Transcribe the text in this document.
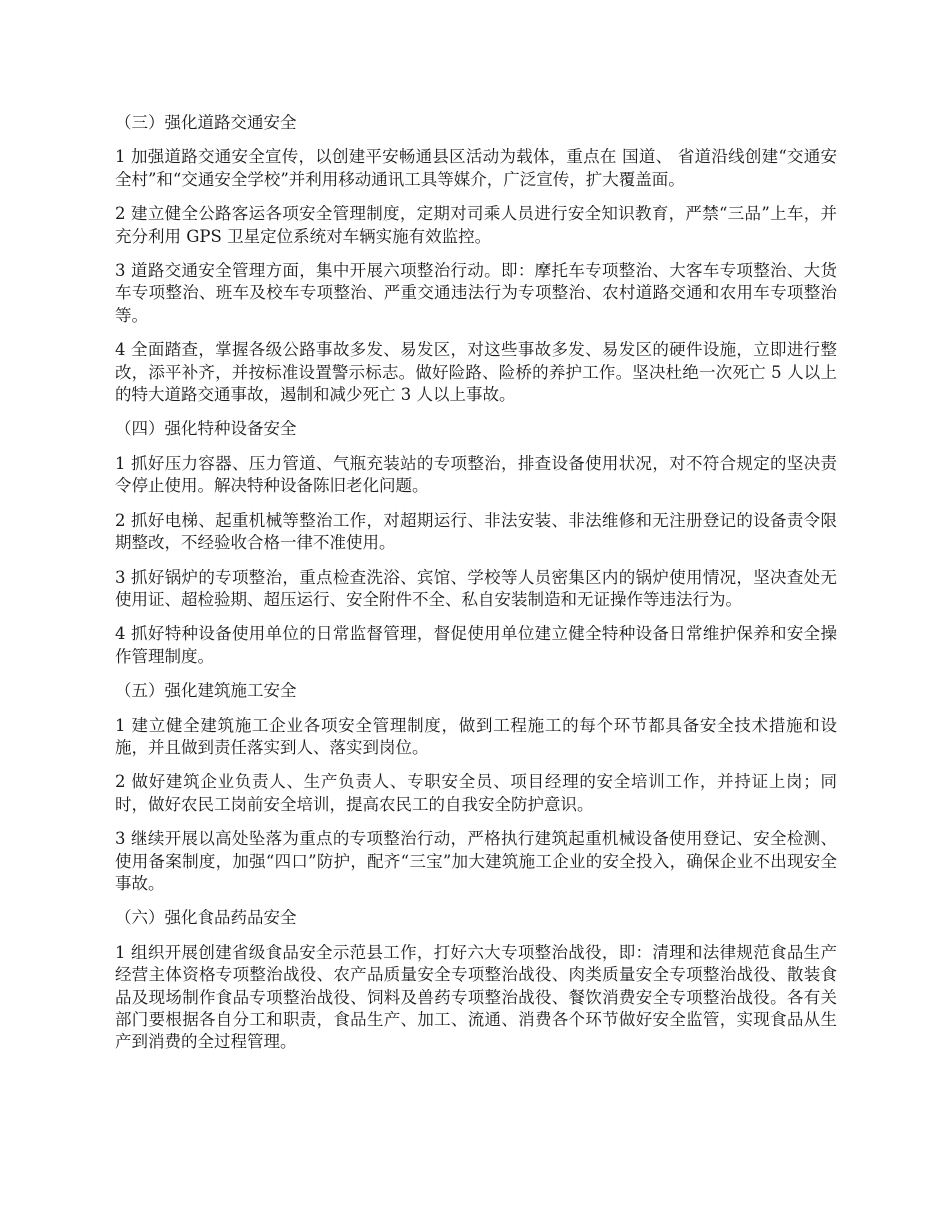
（三）强化道路交通安全

1 加强道路交通安全宣传，以创建平安畅通县区活动为载体，重点在 国道、 省道沿线创建“交通安全村”和“交通安全学校”并利用移动通讯工具等媒介，广泛宣传，扩大覆盖面。

2 建立健全公路客运各项安全管理制度，定期对司乘人员进行安全知识教育，严禁“三品”上车，并充分利用 GPS 卫星定位系统对车辆实施有效监控。

3 道路交通安全管理方面，集中开展六项整治行动。即：摩托车专项整治、大客车专项整治、大货车专项整治、班车及校车专项整治、严重交通违法行为专项整治、农村道路交通和农用车专项整治等。

4 全面踏查，掌握各级公路事故多发、易发区，对这些事故多发、易发区的硬件设施，立即进行整改，添平补齐，并按标准设置警示标志。做好险路、险桥的养护工作。坚决杜绝一次死亡 5 人以上的特大道路交通事故，遏制和减少死亡 3 人以上事故。

（四）强化特种设备安全

1 抓好压力容器、压力管道、气瓶充装站的专项整治，排查设备使用状况，对不符合规定的坚决责令停止使用。解决特种设备陈旧老化问题。

2 抓好电梯、起重机械等整治工作，对超期运行、非法安装、非法维修和无注册登记的设备责令限期整改，不经验收合格一律不准使用。

3 抓好锅炉的专项整治，重点检查洗浴、宾馆、学校等人员密集区内的锅炉使用情况，坚决查处无使用证、超检验期、超压运行、安全附件不全、私自安装制造和无证操作等违法行为。

4 抓好特种设备使用单位的日常监督管理，督促使用单位建立健全特种设备日常维护保养和安全操作管理制度。

（五）强化建筑施工安全

1 建立健全建筑施工企业各项安全管理制度，做到工程施工的每个环节都具备安全技术措施和设施，并且做到责任落实到人、落实到岗位。

2 做好建筑企业负责人、生产负责人、专职安全员、项目经理的安全培训工作，并持证上岗；同时，做好农民工岗前安全培训，提高农民工的自我安全防护意识。

3 继续开展以高处坠落为重点的专项整治行动，严格执行建筑起重机械设备使用登记、安全检测、使用备案制度，加强“四口”防护，配齐“三宝”加大建筑施工企业的安全投入，确保企业不出现安全事故。

（六）强化食品药品安全

1 组织开展创建省级食品安全示范县工作，打好六大专项整治战役，即：清理和法律规范食品生产经营主体资格专项整治战役、农产品质量安全专项整治战役、肉类质量安全专项整治战役、散装食品及现场制作食品专项整治战役、饲料及兽药专项整治战役、餐饮消费安全专项整治战役。各有关部门要根据各自分工和职责，食品生产、加工、流通、消费各个环节做好安全监管，实现食品从生产到消费的全过程管理。
